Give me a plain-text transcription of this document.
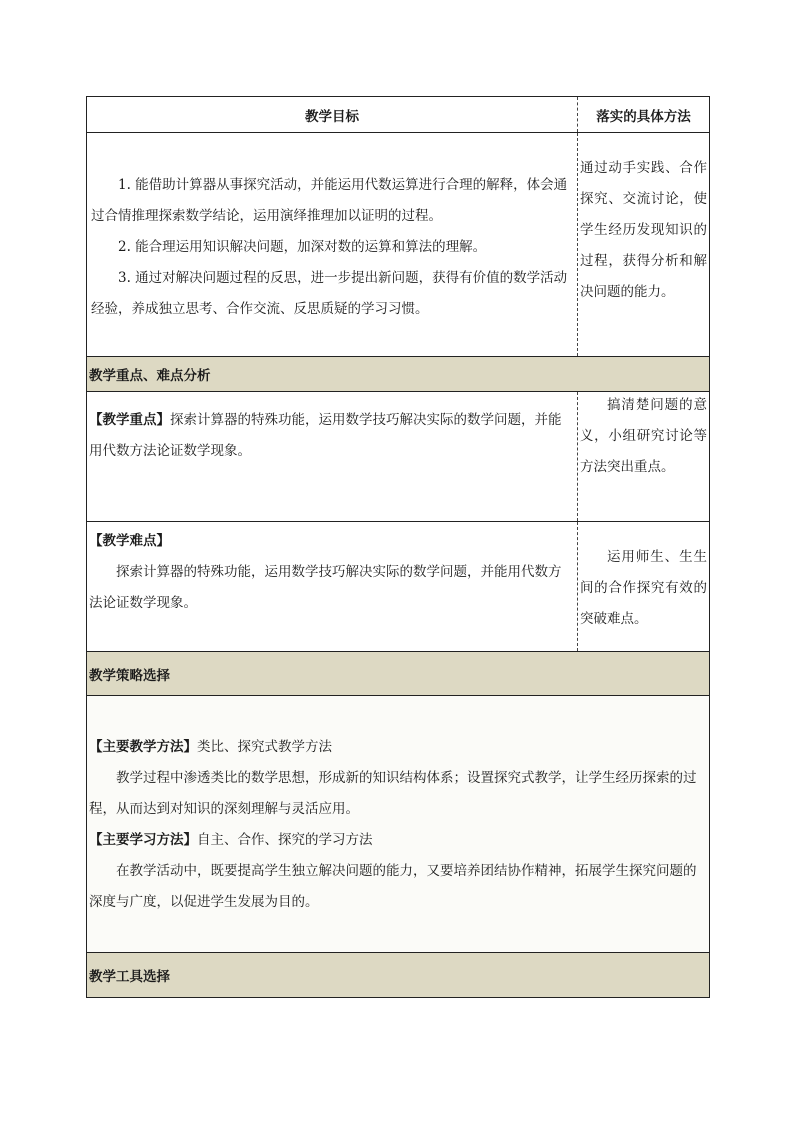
教学目标	落实的具体方法

1. 能借助计算器从事探究活动，并能运用代数运算进行合理的解释，体会通过合情推理探索数学结论，运用演绎推理加以证明的过程。

2. 能合理运用知识解决问题，加深对数的运算和算法的理解。

3. 通过对解决问题过程的反思，进一步提出新问题，获得有价值的数学活动经验，养成独立思考、合作交流、反思质疑的学习习惯。

通过动手实践、合作探究、交流讨论，使学生经历发现知识的过程，获得分析和解决问题的能力。
教学重点、难点分析

【教学重点】探索计算器的特殊功能，运用数学技巧解决实际的数学问题，并能用代数方法论证数学现象。

搞清楚问题的意义，小组研究讨论等方法突出重点。

【教学难点】

探索计算器的特殊功能，运用数学技巧解决实际的数学问题，并能用代数方法论证数学现象。

运用师生、生生间的合作探究有效的突破难点。
教学策略选择

【主要教学方法】类比、探究式教学方法

教学过程中渗透类比的数学思想，形成新的知识结构体系；设置探究式教学，让学生经历探索的过程，从而达到对知识的深刻理解与灵活应用。

【主要学习方法】自主、合作、探究的学习方法

在教学活动中，既要提高学生独立解决问题的能力，又要培养团结协作精神，拓展学生探究问题的深度与广度，以促进学生发展为目的。

教学工具选择
